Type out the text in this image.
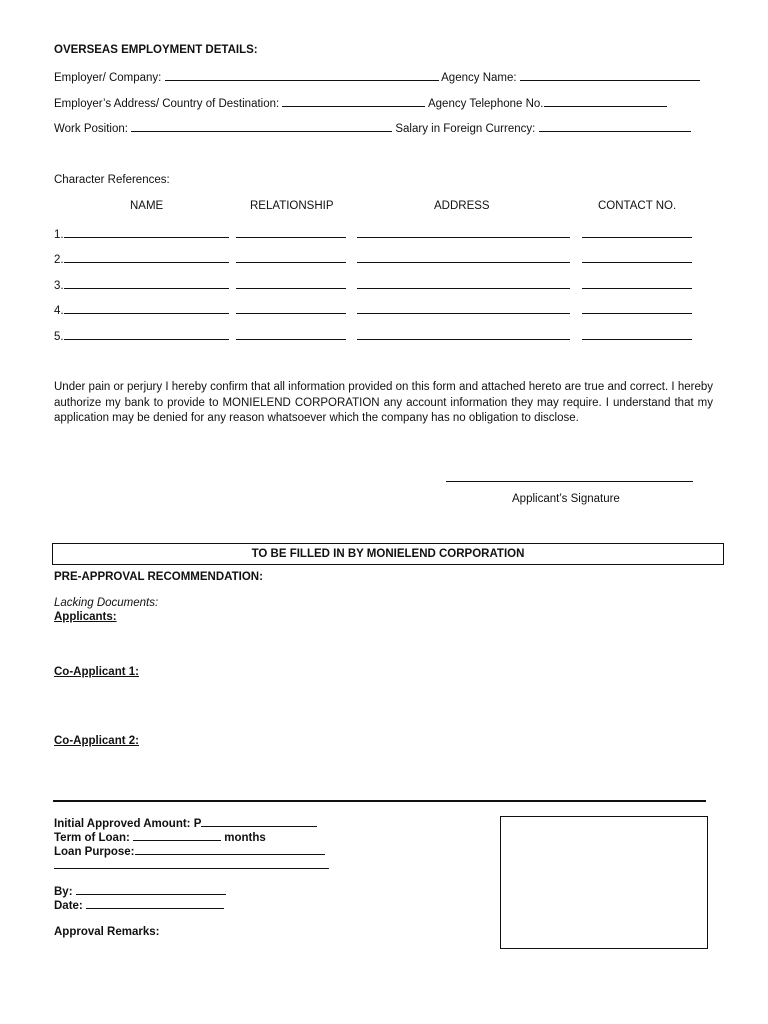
OVERSEAS EMPLOYMENT DETAILS:
Employer/ Company:	Agency Name:
Employer’s Address/ Country of Destination:	Agency Telephone No.
Work Position:	Salary in Foreign Currency:
Character References:
NAME	RELATIONSHIP	ADDRESS	CONTACT NO.
1.
2.
3.
4.
5.
Under pain or perjury I hereby confirm that all information provided on this form and attached hereto are true and correct. I hereby authorize my bank to provide to MONIELEND CORPORATION any account information they may require. I understand that my application may be denied for any reason whatsoever which the company has no obligation to disclose.
Applicant’s Signature
TO BE FILLED IN BY MONIELEND CORPORATION
PRE-APPROVAL RECOMMENDATION:
Lacking Documents:
Applicants:
Co-Applicant 1:
Co-Applicant 2:
Initial Approved Amount: P
Term of Loan:	months
Loan Purpose:
By:
Date:
Approval Remarks:
